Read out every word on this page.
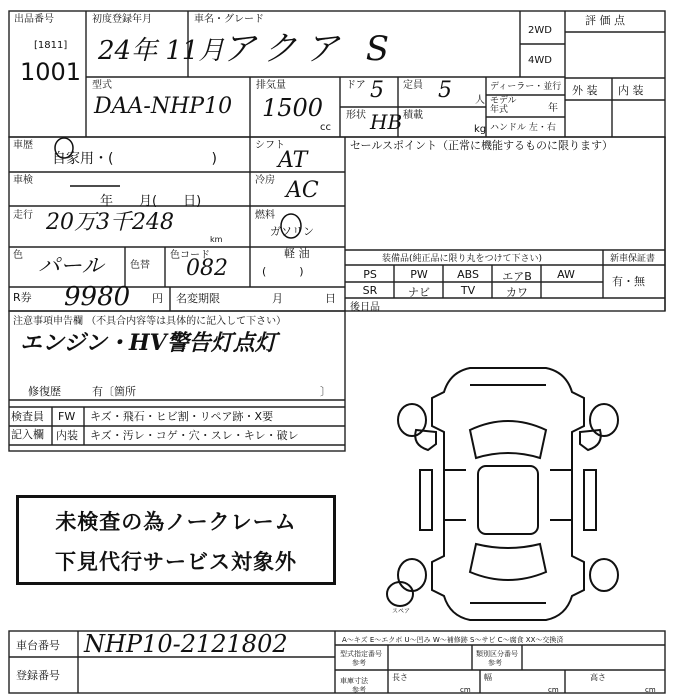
出品番号
[1811]
1001
初度登録年月
24年 11月
車名・グレード
アクア S	2WD
4WD
評 価 点
型式
DAA-NHP10
排気量
1500
cc
ドア 5 定員 5 人
ディーラー・並行
モデル年式	年
形状 HB 積載
kg ハンドル 左・右
外 装 内 装
車歴
自家用・(　　　　　　　)
シフト
AT
セールスポイント（正常に機能するものに限ります）
車検
年　　月(　　日)
冷房 AC
走行 20万3千248
km
燃料
ガソリン
軽 油
(　　　)
色 パール	色替
色コード
082
R券 9980 円 名変期限	月	日
装備品(純正品に限り丸をつけて下さい)	新車保証書
PS	PW	ABS	エアB	AW
SR	ナビ	TV	カワ
有・無
後日品
注意事項申告欄 （不具合内容等は具体的に記入して下さい）
エンジン・HV警告灯点灯
修復歴	有〔箇所	〕
検査員
記入欄
FW キズ・飛石・ヒビ割・リペア跡・X要
内装 キズ・汚レ・コゲ・穴・スレ・キレ・破レ
未検査の為ノークレーム
下見代行サービス対象外
スペア
A～キズ E～エクボ U～凹み W～補修跡 S～サビ C～腐食 XX～交換済
車台番号 NHP10-2121802
登録番号
型式指定番号
参考
類別区分番号
参考
車庫寸法
参考
長さ
cm
幅
cm
高さ
cm
